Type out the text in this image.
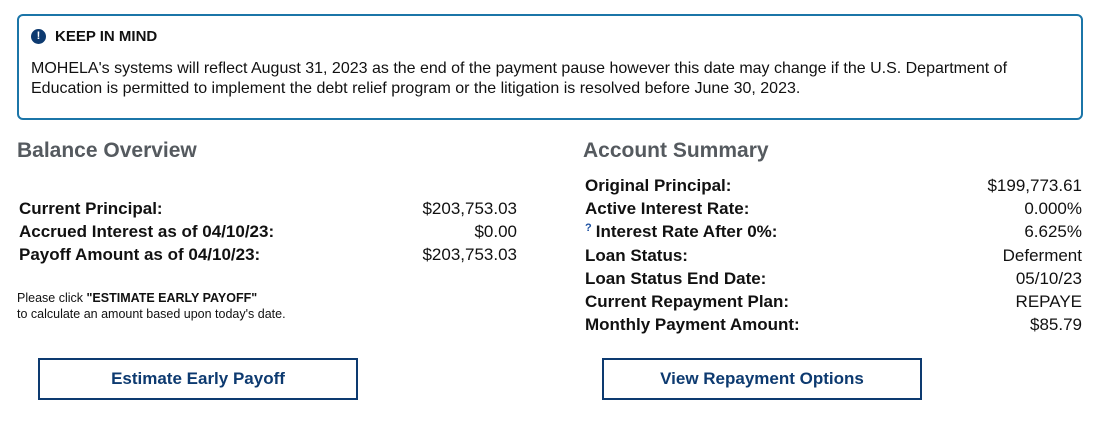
! KEEP IN MIND
MOHELA's systems will reflect August 31, 2023 as the end of the payment pause however this date may change if the U.S. Department of Education is permitted to implement the debt relief program or the litigation is resolved before June 30, 2023.
Balance Overview
Current Principal:	$203,753.03
Accrued Interest as of 04/10/23:	$0.00
Payoff Amount as of 04/10/23:	$203,753.03
Please click "ESTIMATE EARLY PAYOFF"
to calculate an amount based upon today's date.
Estimate Early Payoff
Account Summary
Original Principal:	$199,773.61
Active Interest Rate:	0.000%
? Interest Rate After 0%:	6.625%
Loan Status:	Deferment
Loan Status End Date:	05/10/23
Current Repayment Plan:	REPAYE
Monthly Payment Amount:	$85.79
View Repayment Options
